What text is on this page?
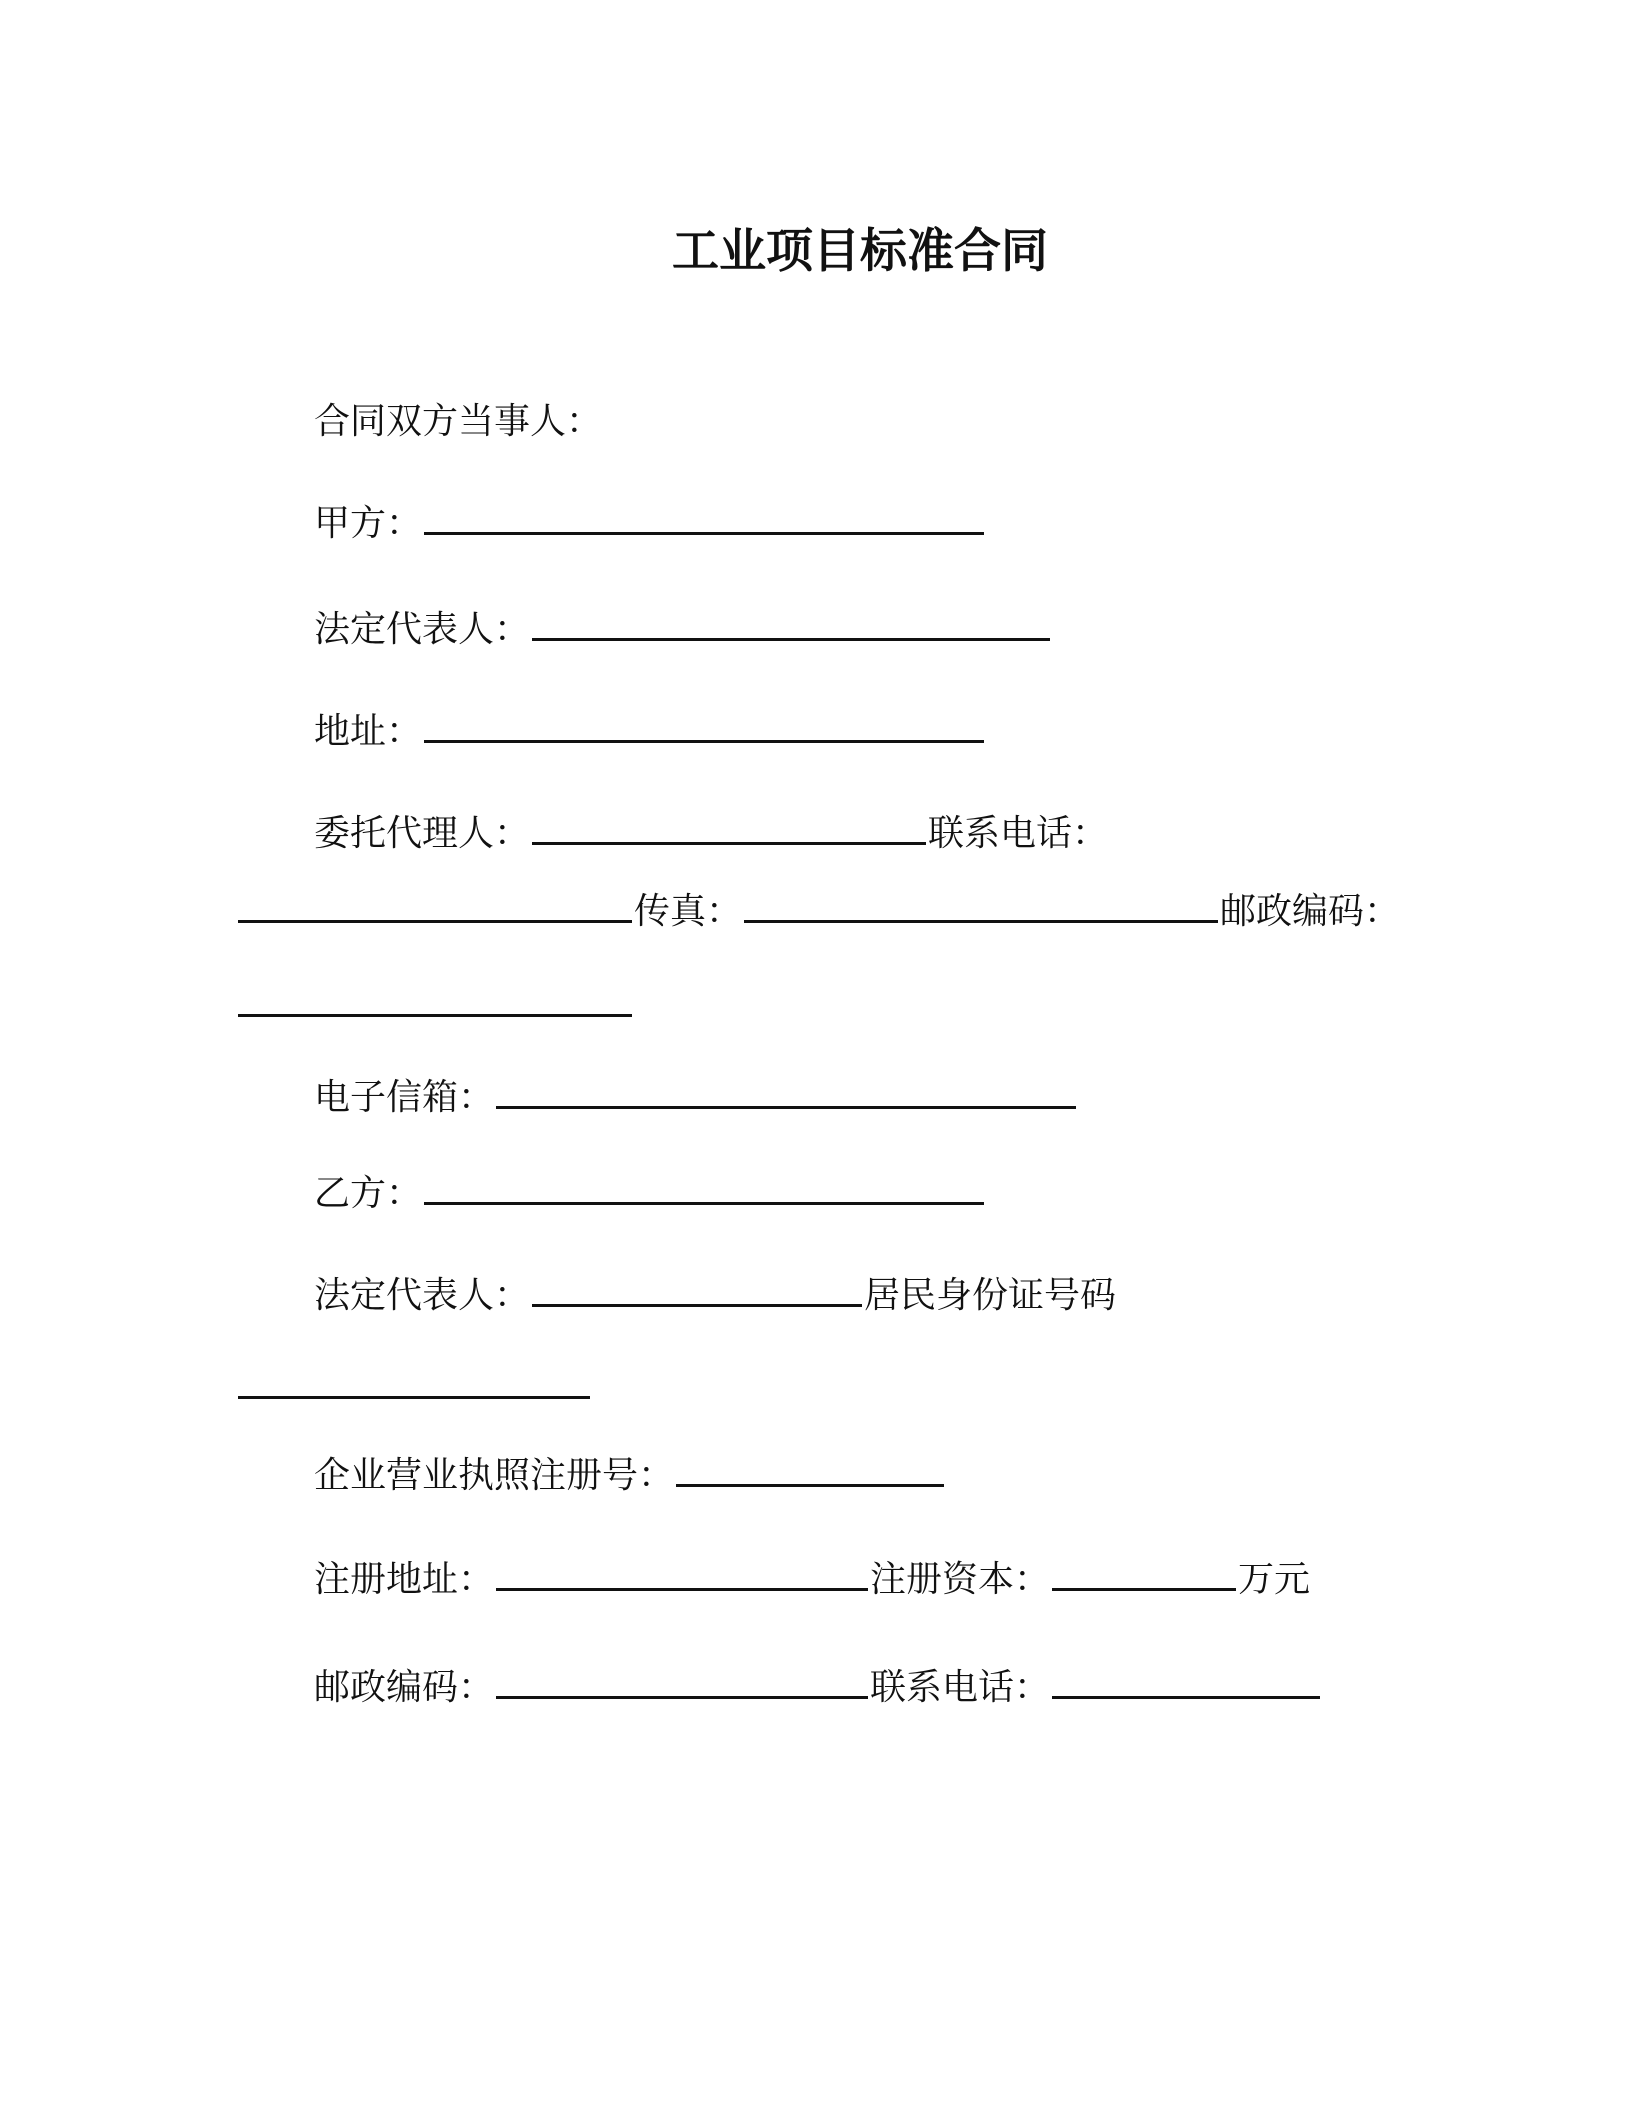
工业项目标准合同
合同双方当事人：
甲方：
法定代表人：
地址：
委托代理人：	联系电话：
传真：	邮政编码：
电子信箱：
乙方：
法定代表人：	居民身份证号码
企业营业执照注册号：
注册地址：	注册资本：	万元
邮政编码：	联系电话：
